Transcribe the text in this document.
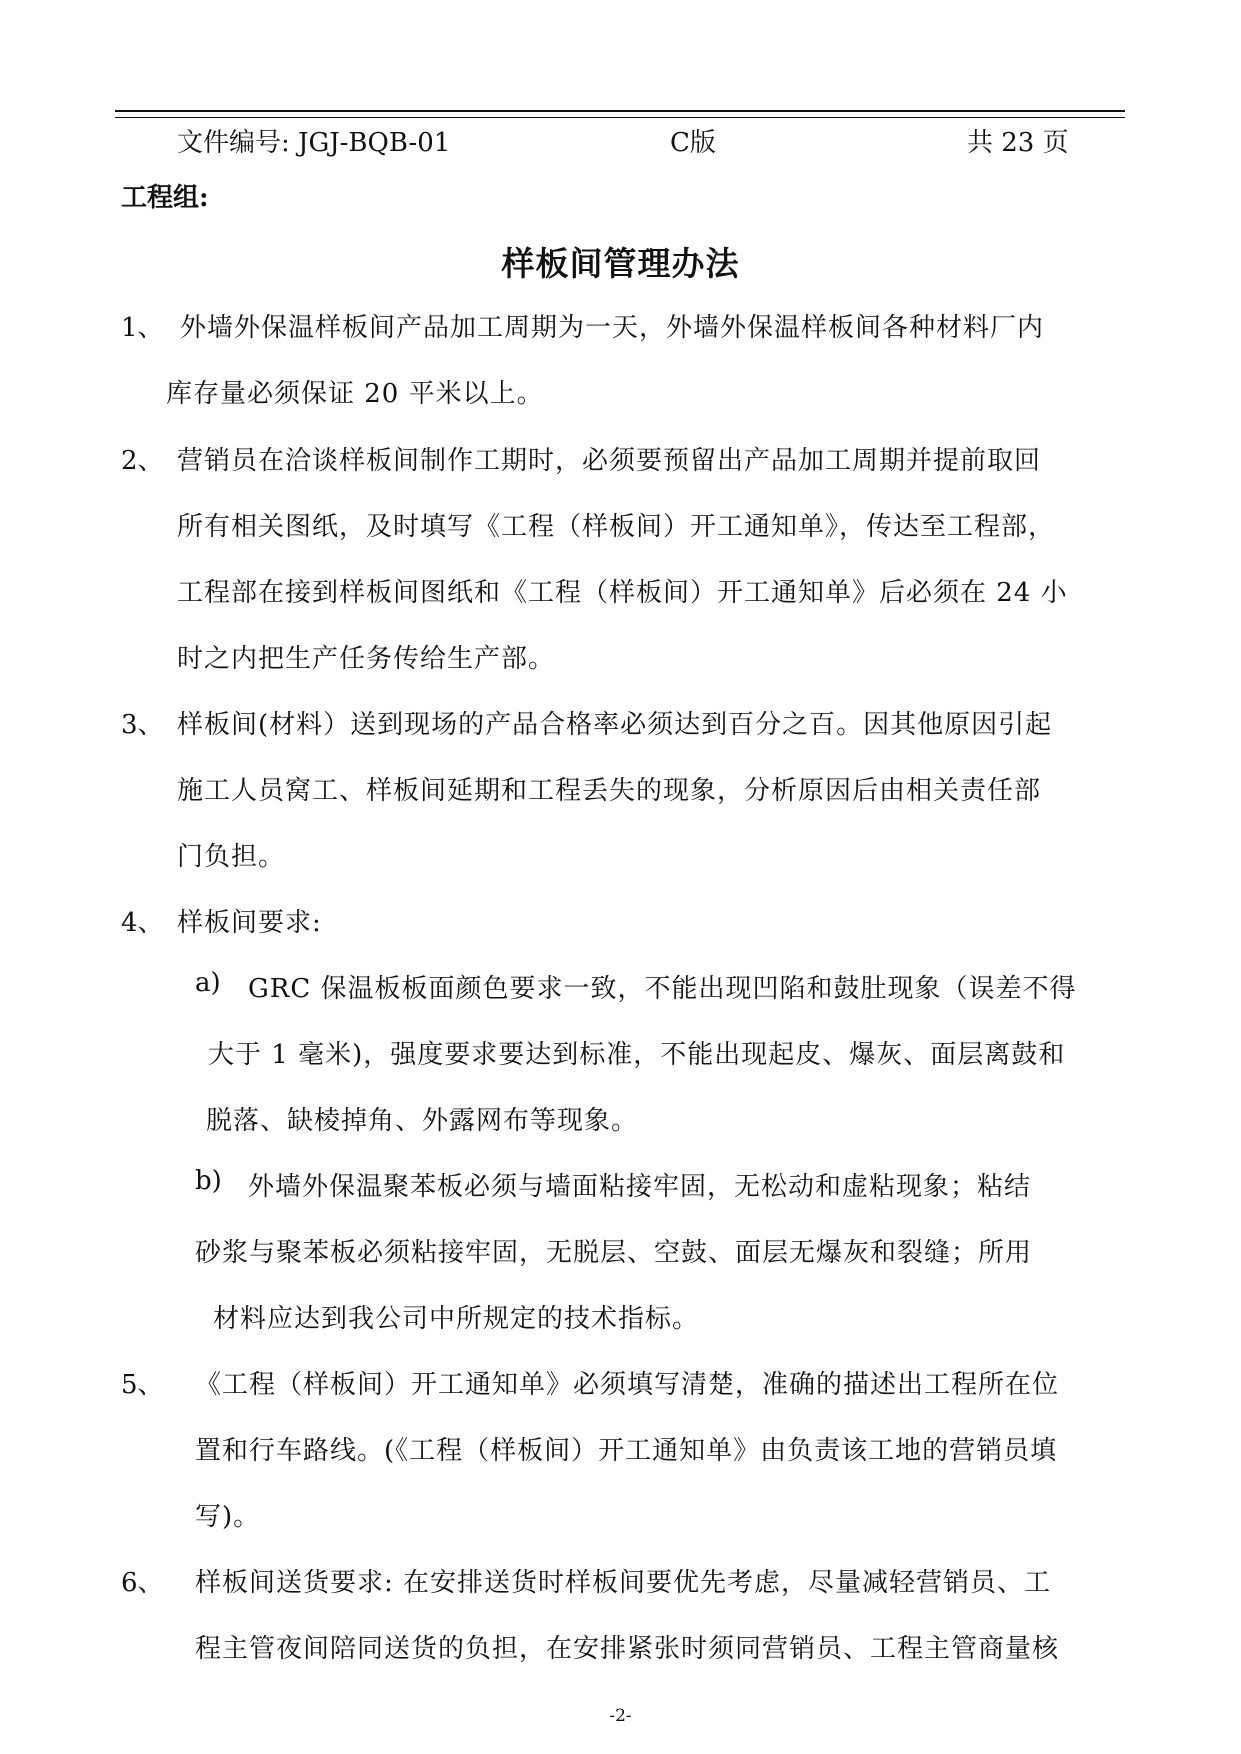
文件编号: JGJ-BQB-01	C版	共 23 页
工程组:
样板间管理办法
1、 外墙外保温样板间产品加工周期为一天，外墙外保温样板间各种材料厂内
库存量必须保证 20 平米以上。
2、 营销员在洽谈样板间制作工期时，必须要预留出产品加工周期并提前取回
所有相关图纸，及时填写《工程（样板间）开工通知单》，传达至工程部，
工程部在接到样板间图纸和《工程（样板间）开工通知单》后必须在 24 小
时之内把生产任务传给生产部。
3、 样板间(材料）送到现场的产品合格率必须达到百分之百。因其他原因引起
施工人员窝工、样板间延期和工程丢失的现象，分析原因后由相关责任部
门负担。
4、 样板间要求:
a) GRC 保温板板面颜色要求一致，不能出现凹陷和鼓肚现象（误差不得
大于 1 毫米)，强度要求要达到标准，不能出现起皮、爆灰、面层离鼓和
脱落、缺棱掉角、外露网布等现象。
b) 外墙外保温聚苯板必须与墙面粘接牢固，无松动和虚粘现象；粘结
砂浆与聚苯板必须粘接牢固，无脱层、空鼓、面层无爆灰和裂缝；所用
材料应达到我公司中所规定的技术指标。
5、 《工程（样板间）开工通知单》必须填写清楚，准确的描述出工程所在位
置和行车路线。(《工程（样板间）开工通知单》由负责该工地的营销员填
写)。
6、 样板间送货要求: 在安排送货时样板间要优先考虑，尽量减轻营销员、工
程主管夜间陪同送货的负担，在安排紧张时须同营销员、工程主管商量核
-2-
